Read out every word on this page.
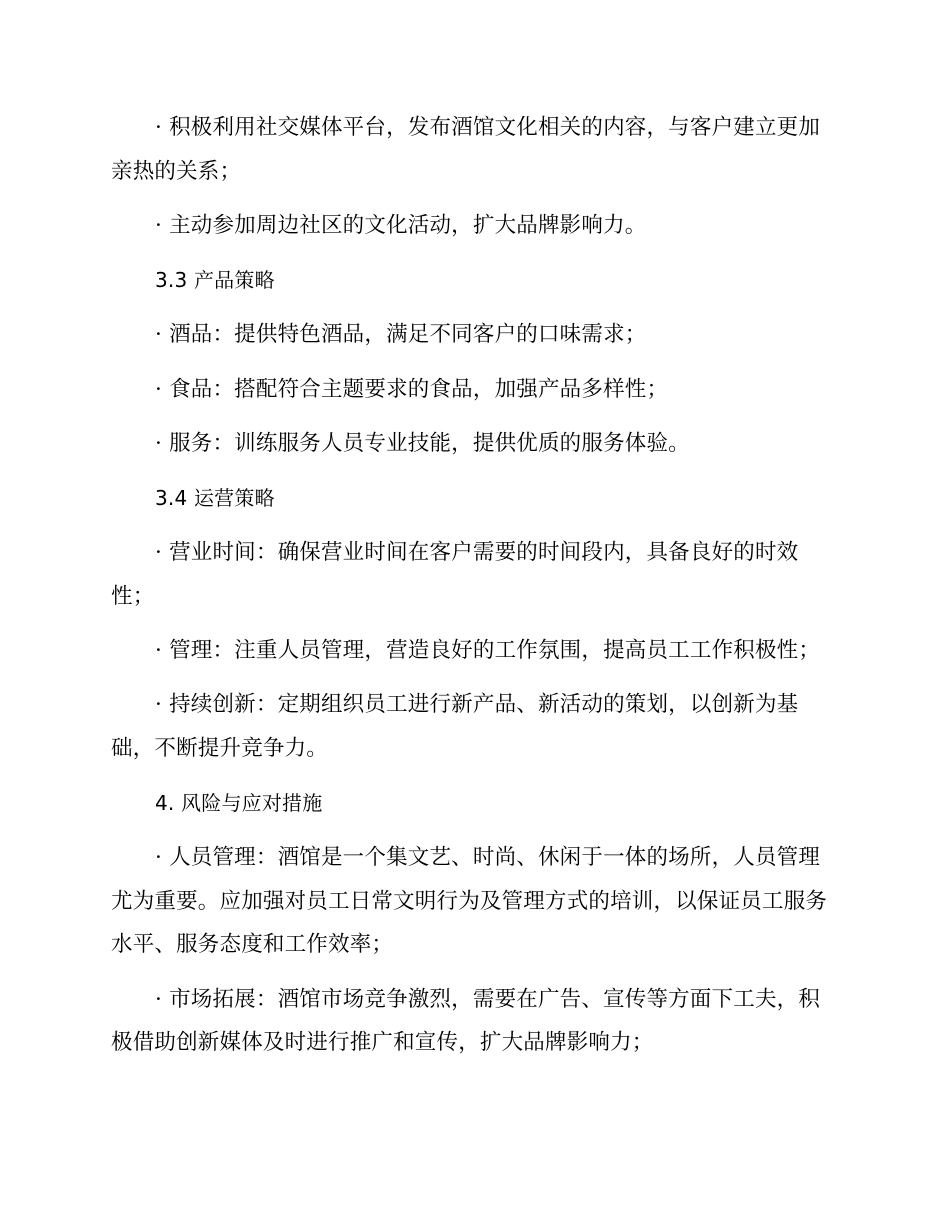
· 积极利用社交媒体平台，发布酒馆文化相关的内容，与客户建立更加
亲热的关系；
· 主动参加周边社区的文化活动，扩大品牌影响力。
3.3 产品策略
· 酒品：提供特色酒品，满足不同客户的口味需求；
· 食品：搭配符合主题要求的食品，加强产品多样性；
· 服务：训练服务人员专业技能，提供优质的服务体验。
3.4 运营策略
· 营业时间：确保营业时间在客户需要的时间段内，具备良好的时效
性；
· 管理：注重人员管理，营造良好的工作氛围，提高员工工作积极性；
· 持续创新：定期组织员工进行新产品、新活动的策划，以创新为基
础，不断提升竞争力。
4. 风险与应对措施
· 人员管理：酒馆是一个集文艺、时尚、休闲于一体的场所，人员管理
尤为重要。应加强对员工日常文明行为及管理方式的培训，以保证员工服务
水平、服务态度和工作效率；
· 市场拓展：酒馆市场竞争激烈，需要在广告、宣传等方面下工夫，积
极借助创新媒体及时进行推广和宣传，扩大品牌影响力；
